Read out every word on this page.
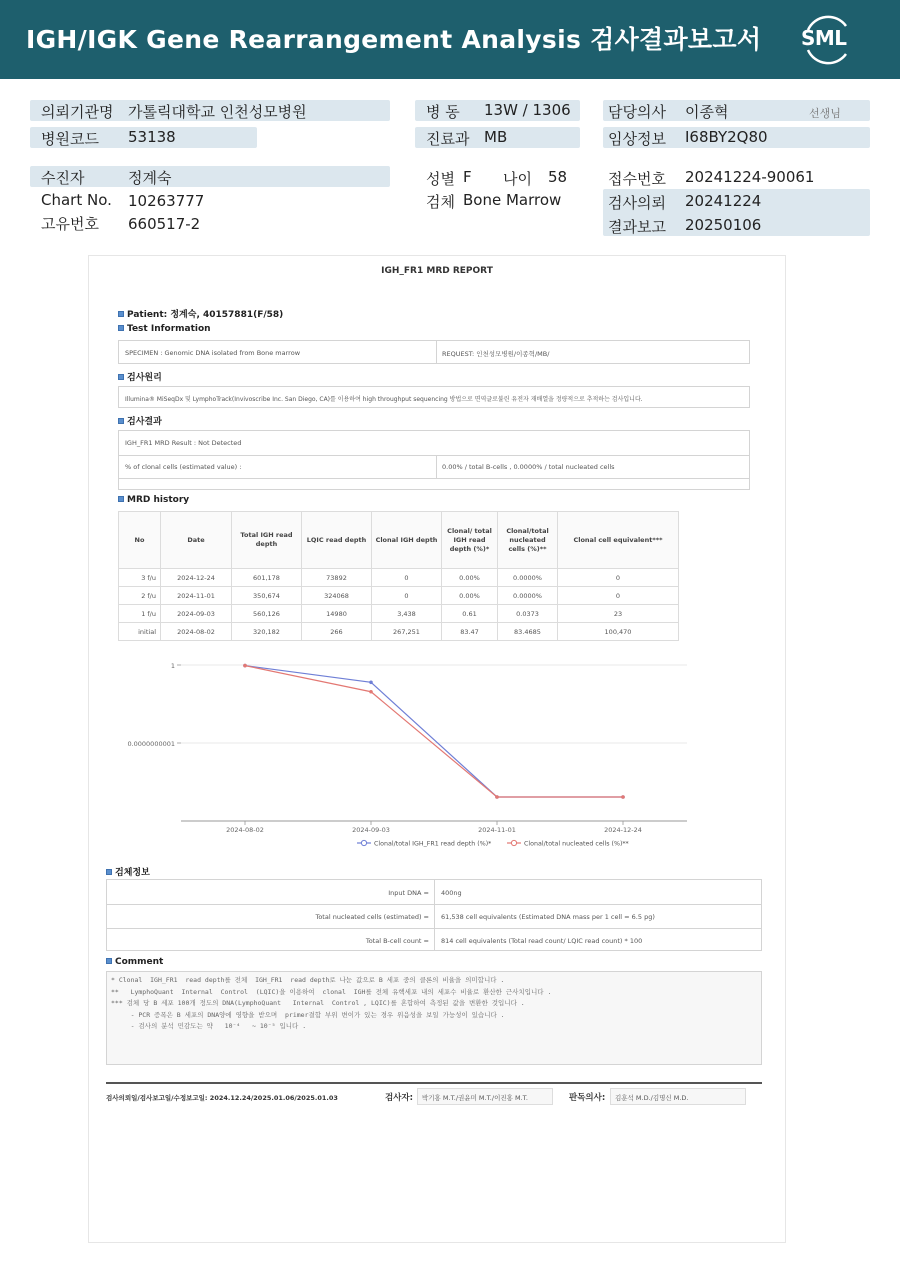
IGH/IGK Gene Rearrangement Analysis 검사결과보고서 SML
의뢰기관명 가톨릭대학교 인천성모병원
병원코드 53138
병 동 13W / 1306
진료과 MB
담당의사 이종혁	선생님
임상정보 I68BY2Q80
수진자	정계숙
Chart No. 10263777
고유번호 660517-2
성별 F 나이 58
검체 Bone Marrow
접수번호 20241224-90061
검사의뢰 20241224
결과보고 20250106
IGH_FR1 MRD REPORT
Patient: 정계숙, 40157881(F/58)
Test Information
SPECIMEN : Genomic DNA isolated from Bone marrow	REQUEST: 인천성모병원/이종혁/MB/
검사원리
Illumina® MiSeqDx 및 LymphoTrack(Invivoscribe Inc. San Diego, CA)를 이용하여 high throughput sequencing 방법으로 면역글로불린 유전자 재배열을 정량적으로 추적하는 검사입니다.
검사결과
IGH_FR1 MRD Result : Not Detected
% of clonal cells (estimated value) :	0.00% / total B-cells , 0.0000% / total nucleated cells
MRD history
No	Date	Total IGH read depth	LQIC read depth	Clonal IGH depth	Clonal/ total IGH read depth (%)*	Clonal/total nucleated cells (%)**	Clonal cell equivalent***
3 f/u	2024-12-24	601,178	73892	0	0.00%	0.0000%	0
2 f/u	2024-11-01	350,674	324068	0	0.00%	0.0000%	0
1 f/u	2024-09-03	560,126	14980	3,438	0.61	0.0373	23
initial	2024-08-02	320,182	266	267,251	83.47	83.4685	100,470
1
0.0000000001
2024-08-02	2024-09-03	2024-11-01	2024-12-24
Clonal/total IGH_FR1 read depth (%)*	Clonal/total nucleated cells (%)**
검체정보
Input DNA = 400ng
Total nucleated cells (estimated) = 61,538 cell equivalents (Estimated DNA mass per 1 cell = 6.5 pg)
Total B-cell count = 814 cell equivalents (Total read count/ LQIC read count) * 100
Comment
* Clonal  IGH_FR1  read depth를 전체  IGH_FR1  read depth로 나눈 값으로 B 세포 중의 클론의 비율을 의미합니다 .
**   LymphoQuant  Internal  Control  (LQIC)을 이용하여  clonal  IGH를 전체 유핵세포 내의 세포수 비율로 환산한 근사치입니다 .
*** 검체 당 B 세포 100개 정도의 DNA(LymphoQuant   Internal  Control , LQIC)를 혼합하여 측정된 값을 변환한 것입니다 .
- PCR 증폭은 B 세포의 DNA양에 영향을 받으며  primer결합 부위 변이가 있는 경우 위음성을 보일 가능성이 있습니다 .
- 검사의 분석 민감도는 약   10⁻⁴   ~ 10⁻⁵ 입니다 .
검사의뢰일/검사보고일/수정보고일: 2024.12.24/2025.01.06/2025.01.03	검사자:	박기홍 M.T./권윤미 M.T./이진홍 M.T.	판독의사:	김훈석 M.D./김명신 M.D.
